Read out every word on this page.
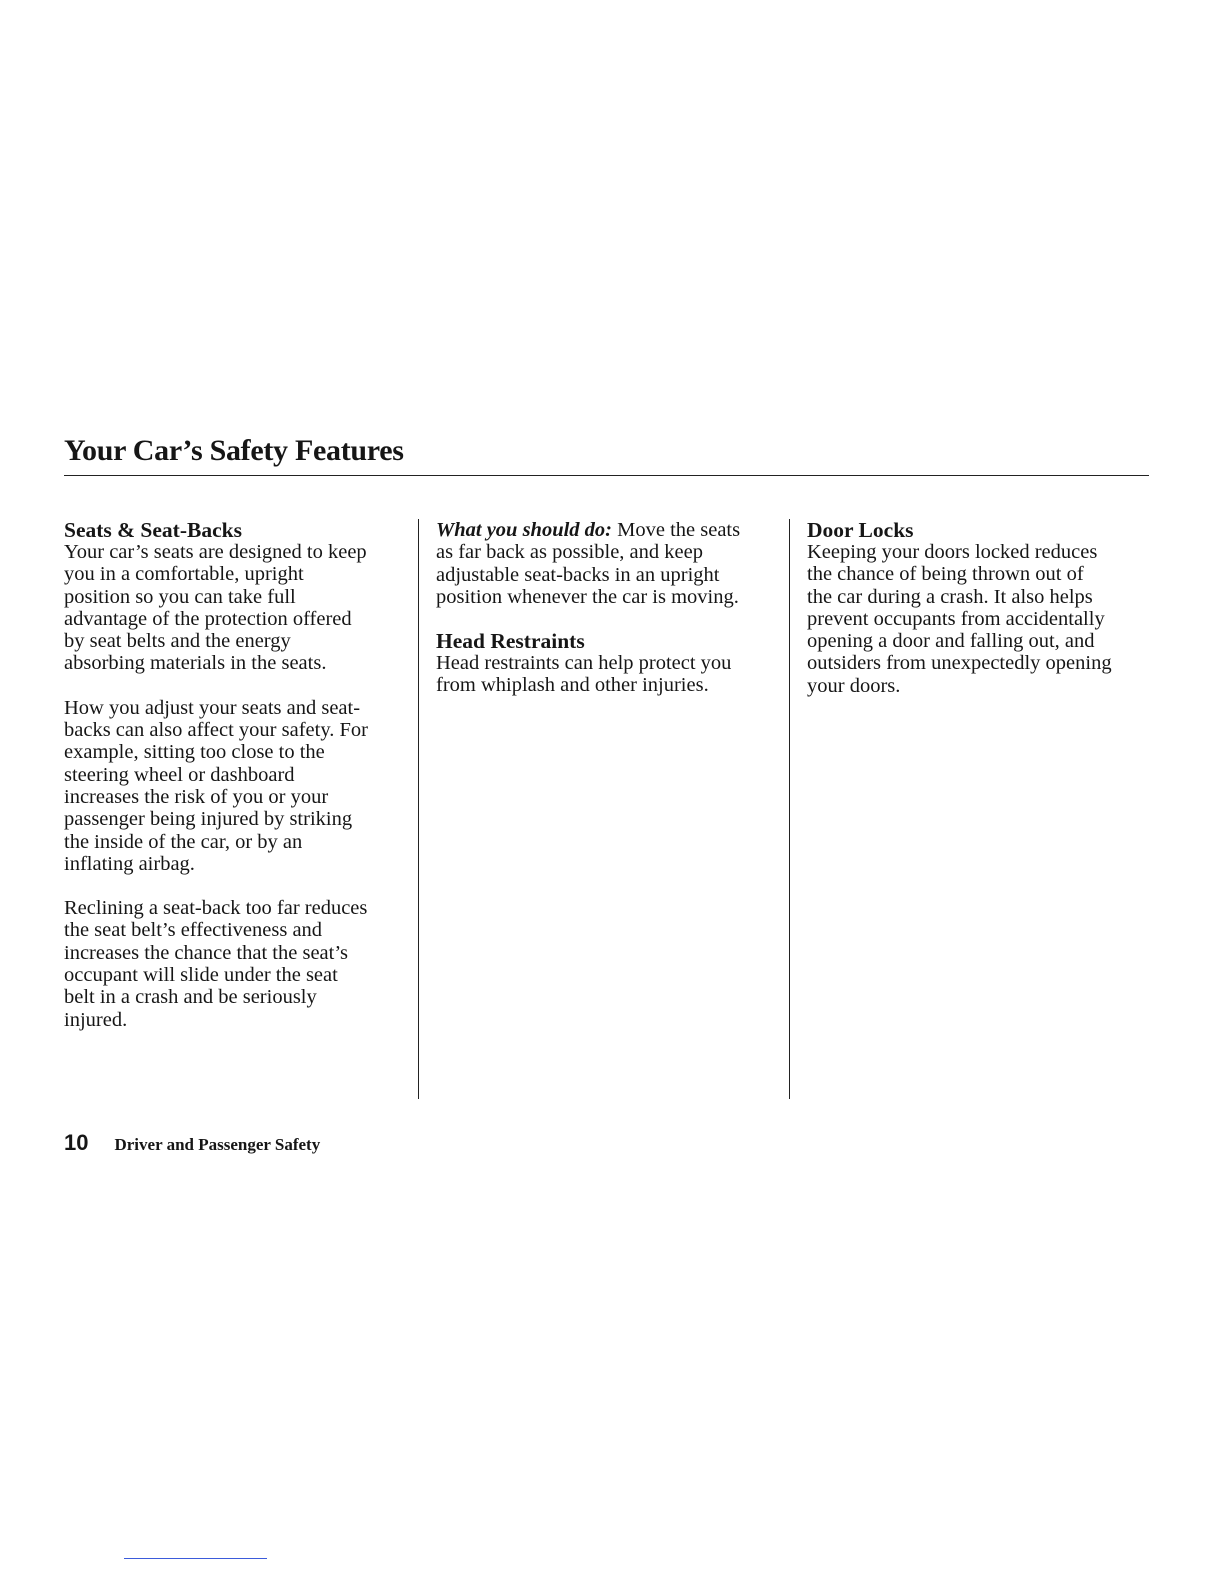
Your Car’s Safety Features
Seats & Seat-Backs

Your car’s seats are designed to keep
you in a comfortable, upright
position so you can take full
advantage of the protection offered
by seat belts and the energy
absorbing materials in the seats.

How you adjust your seats and seat-
backs can also affect your safety. For
example, sitting too close to the
steering wheel or dashboard
increases the risk of you or your
passenger being injured by striking
the inside of the car, or by an
inflating airbag.

Reclining a seat-back too far reduces
the seat belt’s effectiveness and
increases the chance that the seat’s
occupant will slide under the seat
belt in a crash and be seriously
injured.

What you should do: Move the seats
as far back as possible, and keep
adjustable seat-backs in an upright
position whenever the car is moving.

Head Restraints

Head restraints can help protect you
from whiplash and other injuries.

Door Locks

Keeping your doors locked reduces
the chance of being thrown out of
the car during a crash. It also helps
prevent occupants from accidentally
opening a door and falling out, and
outsiders from unexpectedly opening
your doors.

10 Driver and Passenger Safety
